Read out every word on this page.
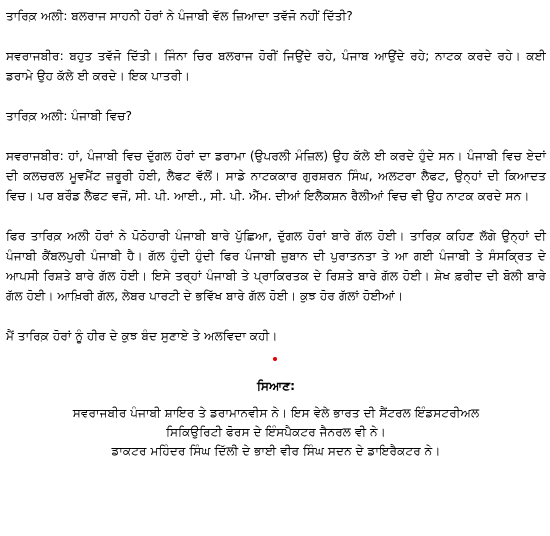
ਤਾਰਿਕ਼ ਅਲੀ: ਬਲਰਾਜ ਸਾਹਨੀ ਹੋਰਾਂ ਨੇ ਪੰਜਾਬੀ ਵੱਲ ਜ਼ਿਆਦਾ ਤਵੱਜੋ ਨਹੀਂ ਦਿੱਤੀ?

ਸਵਰਾਜਬੀਰ: ਬਹੁਤ ਤਵੱਜੋ ਦਿੱਤੀ। ਜਿੰਨਾ ਚਿਰ ਬਲਰਾਜ ਹੋਰੀਂ ਜਿਉਂਦੇ ਰਹੇ, ਪੰਜਾਬ ਆਉਂਦੇ ਰਹੇ; ਨਾਟਕ ਕਰਦੇ ਰਹੇ। ਕਈ ਡਰਾਮੇ ਉਹ ਕੱਲੇ ਈ ਕਰਦੇ। ਇਕ ਪਾਤਰੀ।

ਤਾਰਿਕ਼ ਅਲੀ: ਪੰਜਾਬੀ ਵਿਚ?

ਸਵਰਾਜਬੀਰ: ਹਾਂ, ਪੰਜਾਬੀ ਵਿਚ ਦੁੱਗਲ ਹੋਰਾਂ ਦਾ ਡਰਾਮਾ (ਉਪਰਲੀ ਮੰਜ਼ਿਲ) ਉਹ ਕੱਲੇ ਈ ਕਰਦੇ ਹੁੰਦੇ ਸਨ। ਪੰਜਾਬੀ ਵਿਚ ਏਦਾਂ ਦੀ ਕਲਚਰਲ ਮੂਵਮੈਂਟ ਜ਼ਰੂਰੀ ਹੋਈ, ਲੈਫਟ ਵੱਲੋਂ। ਸਾਡੇ ਨਾਟਕਕਾਰ ਗੁਰਸ਼ਰਨ ਸਿੰਘ, ਅਲਟਰਾ ਲੈਫਟ, ਉਨ੍ਹਾਂ ਦੀ ਕਿਆਦਤ ਵਿਚ। ਪਰ ਬਰੌਡ ਲੈਫਟ ਵਜੋਂ, ਸੀ. ਪੀ. ਆਈ., ਸੀ. ਪੀ. ਐੱਮ. ਦੀਆਂ ਇਲੈਕਸ਼ਨ ਰੈਲੀਆਂ ਵਿਚ ਵੀ ਉਹ ਨਾਟਕ ਕਰਦੇ ਸਨ।

ਫਿਰ ਤਾਰਿਕ਼ ਅਲੀ ਹੋਰਾਂ ਨੇ ਪੋਠੋਹਾਰੀ ਪੰਜਾਬੀ ਬਾਰੇ ਪੁੱਛਿਆ, ਦੁੱਗਲ ਹੋਰਾਂ ਬਾਰੇ ਗੱਲ ਹੋਈ। ਤਾਰਿਕ਼ ਕਹਿਣ ਲੱਗੇ ਉਨ੍ਹਾਂ ਦੀ ਪੰਜਾਬੀ ਕੈਂਬਲਪੁਰੀ ਪੰਜਾਬੀ ਹੈ। ਗੱਲ ਹੁੰਦੀ ਹੁੰਦੀ ਫਿਰ ਪੰਜਾਬੀ ਜ਼ੁਬਾਨ ਦੀ ਪੁਰਾਤਨਤਾ ਤੇ ਆ ਗਈ ਪੰਜਾਬੀ ਤੇ ਸੰਸਕ੍ਰਿਤ ਦੇ ਆਪਸੀ ਰਿਸ਼ਤੇ ਬਾਰੇ ਗੱਲ ਹੋਈ। ਇਸੇ ਤਰ੍ਹਾਂ ਪੰਜਾਬੀ ਤੇ ਪ੍ਰਾਕਿਰਤਕ ਦੇ ਰਿਸ਼ਤੇ ਬਾਰੇ ਗੱਲ ਹੋਈ। ਸ਼ੇਖ ਫ਼ਰੀਦ ਦੀ ਬੋਲੀ ਬਾਰੇ ਗੱਲ ਹੋਈ। ਆਖ਼ਿਰੀ ਗੱਲ, ਲੇਬਰ ਪਾਰਟੀ ਦੇ ਭਵਿੱਖ ਬਾਰੇ ਗੱਲ ਹੋਈ। ਕੁਝ ਹੋਰ ਗੱਲਾਂ ਹੋਈਆਂ।

ਮੈਂ ਤਾਰਿਕ਼ ਹੋਰਾਂ ਨੂੰ ਹੀਰ ਦੇ ਕੁਝ ਬੰਦ ਸੁਣਾਏ ਤੇ ਅਲਵਿਦਾ ਕਹੀ।

ਸਿਆਣ:

ਸਵਰਾਜਬੀਰ ਪੰਜਾਬੀ ਸ਼ਾਇਰ ਤੇ ਡਰਾਮਾਨਵੀਸ ਨੇ। ਇਸ ਵੇਲੇ ਭਾਰਤ ਦੀ ਸੈਂਟਰਲ ਇੰਡਸਟਰੀਅਲ

ਸਿਕਿਉਰਿਟੀ ਫੋਰਸ ਦੇ ਇੰਸਪੈਕਟਰ ਜੈਨਰਲ ਵੀ ਨੇ।

ਡਾਕਟਰ ਮਹਿੰਦਰ ਸਿੰਘ ਦਿੱਲੀ ਦੇ ਭਾਈ ਵੀਰ ਸਿੰਘ ਸਦਨ ਦੇ ਡਾਇਰੈਕਟਰ ਨੇ।
